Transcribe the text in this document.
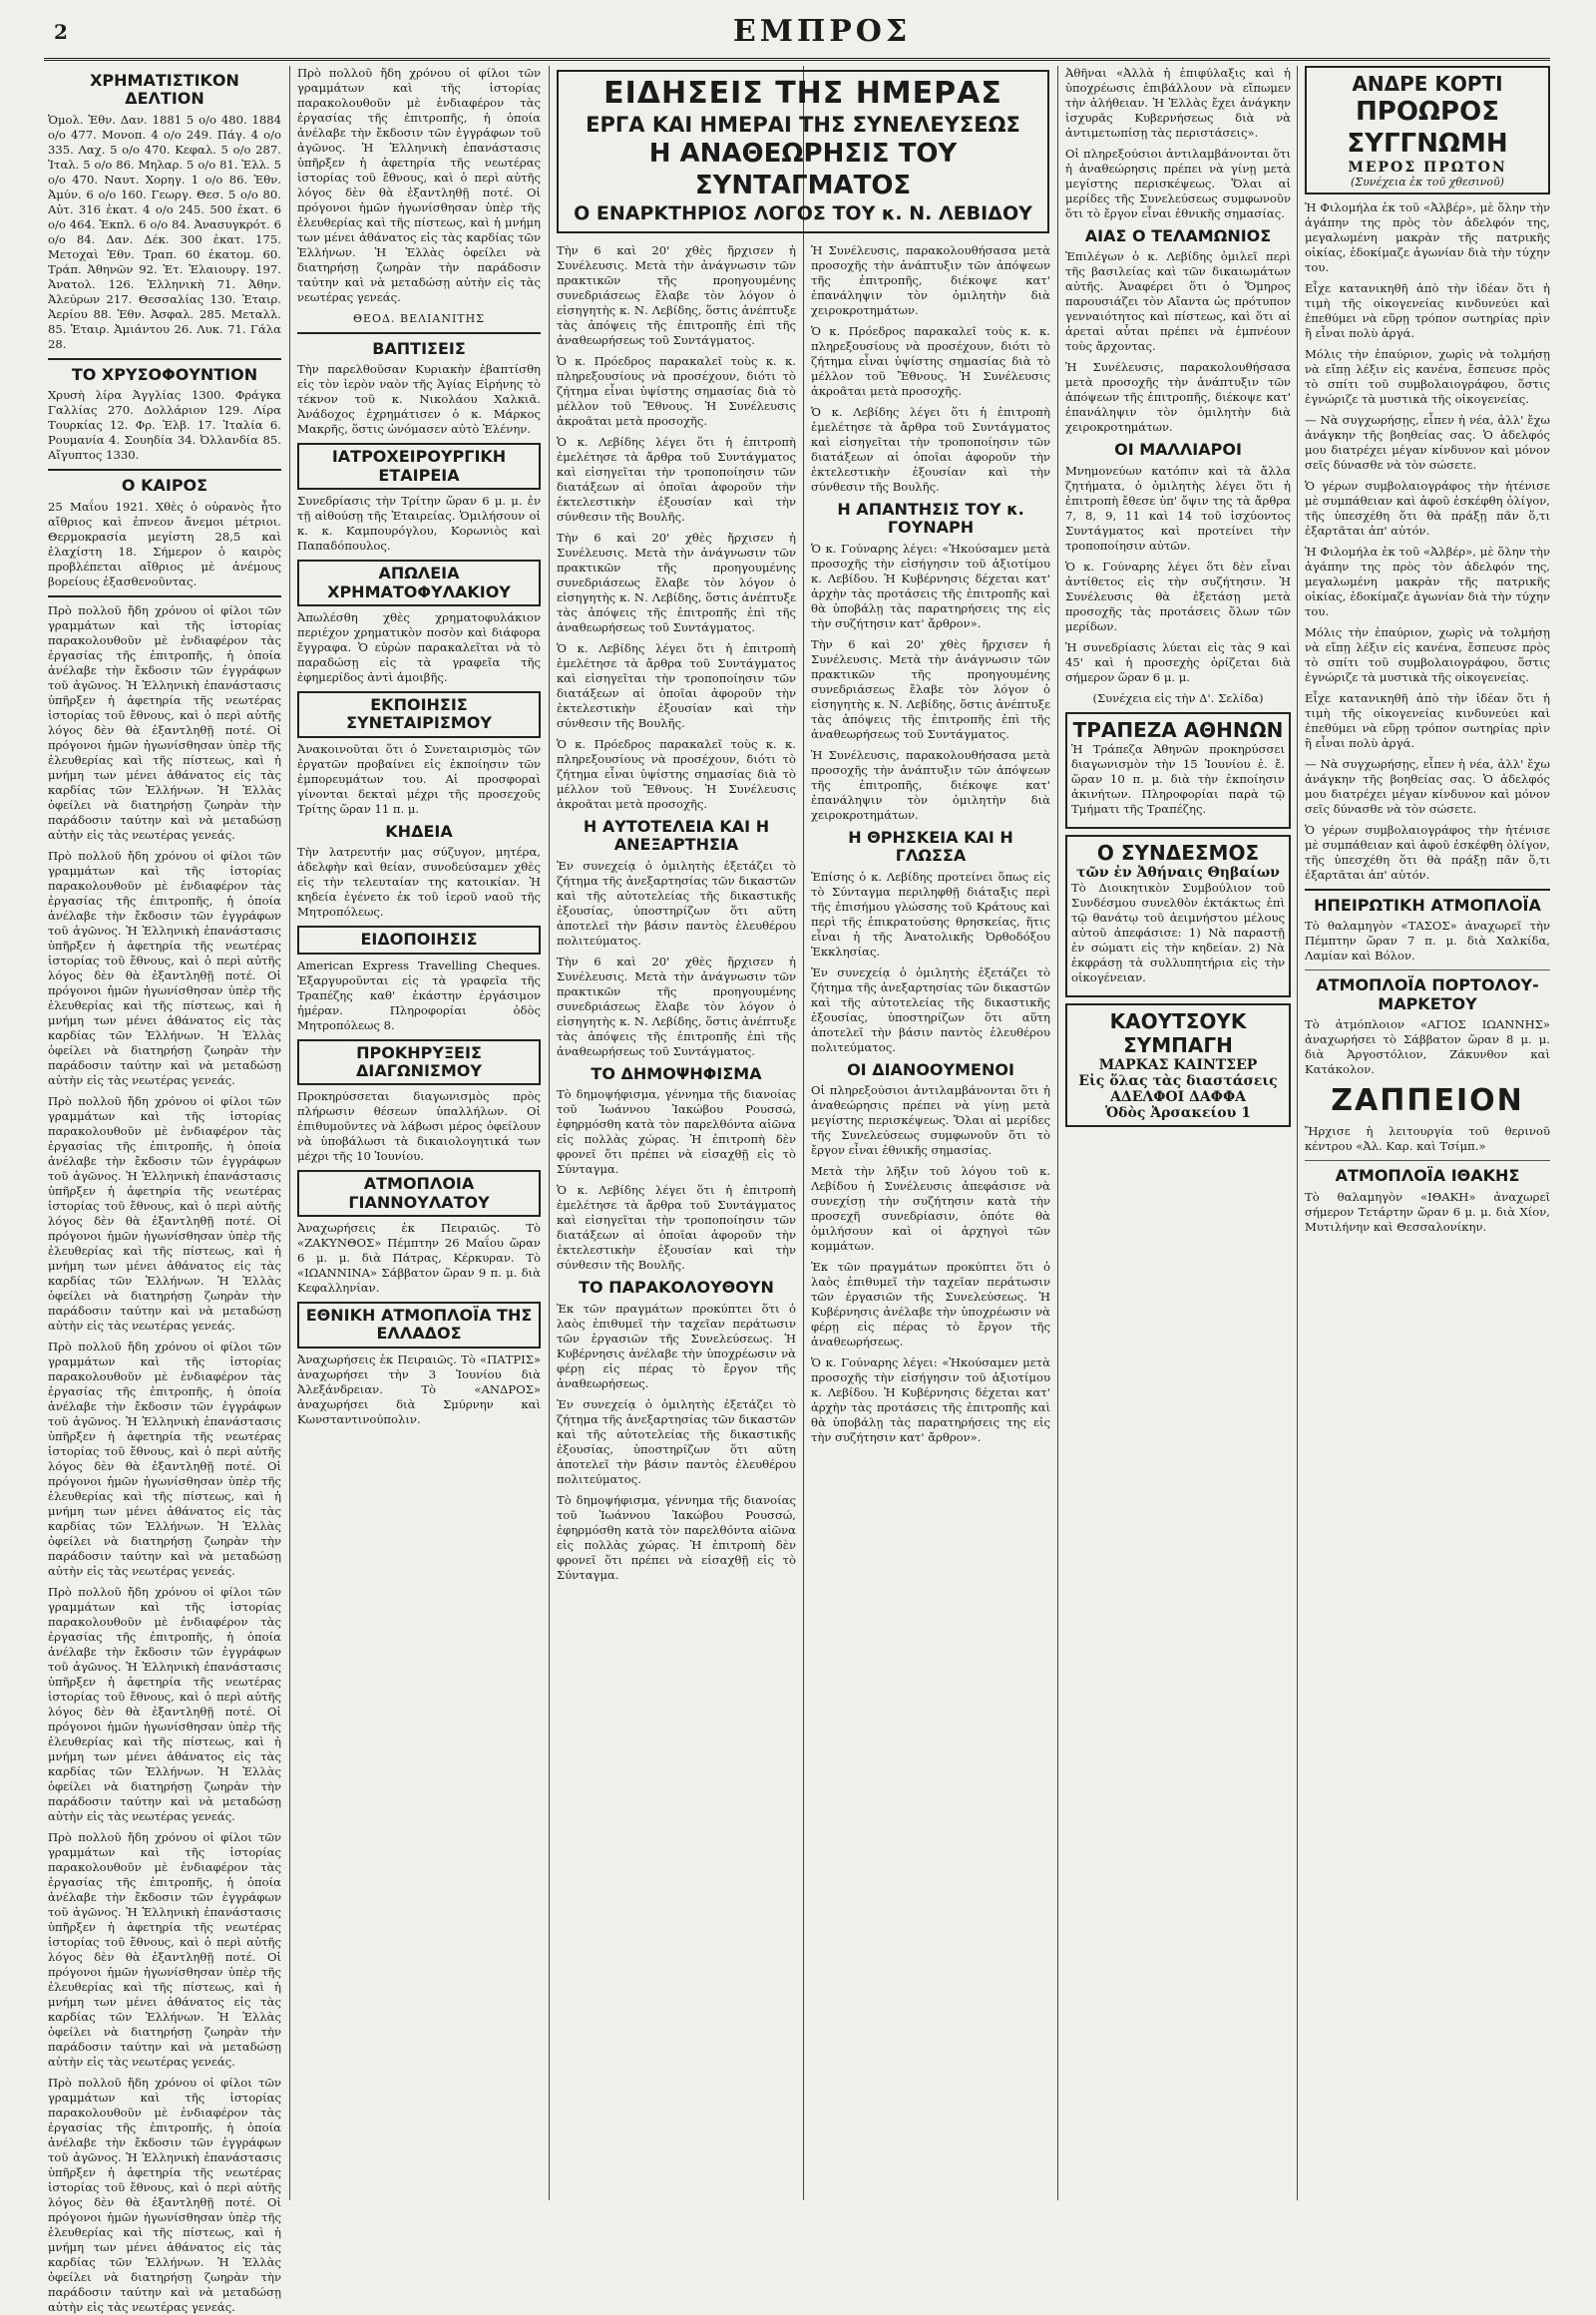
2	ΕΜΠΡΟΣ
ΧΡΗΜΑΤΙΣΤΙΚΟΝ ΔΕΛΤΙΟΝ

Ὁμολ. Ἐθν. Δαν. 1881 5 ο/ο 480. 1884 ο/ο 477. Μονοπ. 4 ο/ο 249. Πάγ. 4 ο/ο 335. Λαχ. 5 ο/ο 470. Κεφαλ. 5 ο/ο 287. Ἰταλ. 5 ο/ο 86. Μηλαρ. 5 ο/ο 81. Ἐλλ. 5 ο/ο 470. Ναυτ. Χορηγ. 1 ο/ο 86. Ἑθν. Ἀμύν. 6 ο/ο 160. Γεωργ. Θεσ. 5 ο/ο 80. Αὐτ. 316 ἐκατ. 4 ο/ο 245. 500 ἐκατ. 6 ο/ο 464. Ἐκπλ. 6 ο/ο 84. Ἀνασυγκρότ. 6 ο/ο 84. Δαν. Δέκ. 300 ἐκατ. 175. Μετοχαὶ Ἐθν. Τραπ. 60 ἐκατομ. 60. Τράπ. Ἀθηνῶν 92. Ἑτ. Ἐλαιουργ. 197. Ἀνατολ. 126. Ἐλληνικὴ 71. Ἀθην. Ἀλεύρων 217. Θεσσαλίας 130. Ἑταιρ. Ἀερίου 88. Ἐθν. Ἀσφαλ. 285. Μεταλλ. 85. Ἑταιρ. Ἀμιάντου 26. Λυκ. 71. Γάλα 28.

ΤΟ ΧΡΥΣΟΦΟΥΝΤΙΟΝ

Χρυσὴ λίρα Ἀγγλίας 1300. Φράγκα Γαλλίας 270. Δολλάριον 129. Λίρα Τουρκίας 12. Φρ. Ἐλβ. 17. Ἰταλία 6. Ρουμανία 4. Σουηδία 34. Ὀλλανδία 85. Αἴγυπτος 1330.

Ο ΚΑΙΡΟΣ

25 Μαΐου 1921. Χθὲς ὁ οὐρανὸς ἦτο αἴθριος καὶ ἐπνεον ἄνεμοι μέτριοι. Θερμοκρασία μεγίστη 28,5 καὶ ἐλαχίστη 18. Σήμερον ὁ καιρὸς προβλέπεται αἴθριος μὲ ἀνέμους βορείους ἐξασθενοῦντας.

Πρὸ πολλοῦ ἤδη χρόνου οἱ φίλοι τῶν γραμμάτων καὶ τῆς ἱστορίας παρακολουθοῦν μὲ ἐνδιαφέρον τὰς ἐργασίας τῆς ἐπιτροπῆς, ἡ ὁποία ἀνέλαβε τὴν ἔκδοσιν τῶν ἐγγράφων τοῦ ἀγῶνος. Ἡ Ἑλληνικὴ ἐπανάστασις ὑπῆρξεν ἡ ἀφετηρία τῆς νεωτέρας ἱστορίας τοῦ ἔθνους, καὶ ὁ περὶ αὐτῆς λόγος δὲν θὰ ἐξαντληθῇ ποτέ. Οἱ πρόγονοι ἡμῶν ἠγωνίσθησαν ὑπὲρ τῆς ἐλευθερίας καὶ τῆς πίστεως, καὶ ἡ μνήμη των μένει ἀθάνατος εἰς τὰς καρδίας τῶν Ἑλλήνων. Ἡ Ἑλλὰς ὀφείλει νὰ διατηρήσῃ ζωηρὰν τὴν παράδοσιν ταύτην καὶ νὰ μεταδώσῃ αὐτὴν εἰς τὰς νεωτέρας γενεάς.

Πρὸ πολλοῦ ἤδη χρόνου οἱ φίλοι τῶν γραμμάτων καὶ τῆς ἱστορίας παρακολουθοῦν μὲ ἐνδιαφέρον τὰς ἐργασίας τῆς ἐπιτροπῆς, ἡ ὁποία ἀνέλαβε τὴν ἔκδοσιν τῶν ἐγγράφων τοῦ ἀγῶνος. Ἡ Ἑλληνικὴ ἐπανάστασις ὑπῆρξεν ἡ ἀφετηρία τῆς νεωτέρας ἱστορίας τοῦ ἔθνους, καὶ ὁ περὶ αὐτῆς λόγος δὲν θὰ ἐξαντληθῇ ποτέ. Οἱ πρόγονοι ἡμῶν ἠγωνίσθησαν ὑπὲρ τῆς ἐλευθερίας καὶ τῆς πίστεως, καὶ ἡ μνήμη των μένει ἀθάνατος εἰς τὰς καρδίας τῶν Ἑλλήνων. Ἡ Ἑλλὰς ὀφείλει νὰ διατηρήσῃ ζωηρὰν τὴν παράδοσιν ταύτην καὶ νὰ μεταδώσῃ αὐτὴν εἰς τὰς νεωτέρας γενεάς.

Πρὸ πολλοῦ ἤδη χρόνου οἱ φίλοι τῶν γραμμάτων καὶ τῆς ἱστορίας παρακολουθοῦν μὲ ἐνδιαφέρον τὰς ἐργασίας τῆς ἐπιτροπῆς, ἡ ὁποία ἀνέλαβε τὴν ἔκδοσιν τῶν ἐγγράφων τοῦ ἀγῶνος. Ἡ Ἑλληνικὴ ἐπανάστασις ὑπῆρξεν ἡ ἀφετηρία τῆς νεωτέρας ἱστορίας τοῦ ἔθνους, καὶ ὁ περὶ αὐτῆς λόγος δὲν θὰ ἐξαντληθῇ ποτέ. Οἱ πρόγονοι ἡμῶν ἠγωνίσθησαν ὑπὲρ τῆς ἐλευθερίας καὶ τῆς πίστεως, καὶ ἡ μνήμη των μένει ἀθάνατος εἰς τὰς καρδίας τῶν Ἑλλήνων. Ἡ Ἑλλὰς ὀφείλει νὰ διατηρήσῃ ζωηρὰν τὴν παράδοσιν ταύτην καὶ νὰ μεταδώσῃ αὐτὴν εἰς τὰς νεωτέρας γενεάς.

Πρὸ πολλοῦ ἤδη χρόνου οἱ φίλοι τῶν γραμμάτων καὶ τῆς ἱστορίας παρακολουθοῦν μὲ ἐνδιαφέρον τὰς ἐργασίας τῆς ἐπιτροπῆς, ἡ ὁποία ἀνέλαβε τὴν ἔκδοσιν τῶν ἐγγράφων τοῦ ἀγῶνος. Ἡ Ἑλληνικὴ ἐπανάστασις ὑπῆρξεν ἡ ἀφετηρία τῆς νεωτέρας ἱστορίας τοῦ ἔθνους, καὶ ὁ περὶ αὐτῆς λόγος δὲν θὰ ἐξαντληθῇ ποτέ. Οἱ πρόγονοι ἡμῶν ἠγωνίσθησαν ὑπὲρ τῆς ἐλευθερίας καὶ τῆς πίστεως, καὶ ἡ μνήμη των μένει ἀθάνατος εἰς τὰς καρδίας τῶν Ἑλλήνων. Ἡ Ἑλλὰς ὀφείλει νὰ διατηρήσῃ ζωηρὰν τὴν παράδοσιν ταύτην καὶ νὰ μεταδώσῃ αὐτὴν εἰς τὰς νεωτέρας γενεάς.

Πρὸ πολλοῦ ἤδη χρόνου οἱ φίλοι τῶν γραμμάτων καὶ τῆς ἱστορίας παρακολουθοῦν μὲ ἐνδιαφέρον τὰς ἐργασίας τῆς ἐπιτροπῆς, ἡ ὁποία ἀνέλαβε τὴν ἔκδοσιν τῶν ἐγγράφων τοῦ ἀγῶνος. Ἡ Ἑλληνικὴ ἐπανάστασις ὑπῆρξεν ἡ ἀφετηρία τῆς νεωτέρας ἱστορίας τοῦ ἔθνους, καὶ ὁ περὶ αὐτῆς λόγος δὲν θὰ ἐξαντληθῇ ποτέ. Οἱ πρόγονοι ἡμῶν ἠγωνίσθησαν ὑπὲρ τῆς ἐλευθερίας καὶ τῆς πίστεως, καὶ ἡ μνήμη των μένει ἀθάνατος εἰς τὰς καρδίας τῶν Ἑλλήνων. Ἡ Ἑλλὰς ὀφείλει νὰ διατηρήσῃ ζωηρὰν τὴν παράδοσιν ταύτην καὶ νὰ μεταδώσῃ αὐτὴν εἰς τὰς νεωτέρας γενεάς.

Πρὸ πολλοῦ ἤδη χρόνου οἱ φίλοι τῶν γραμμάτων καὶ τῆς ἱστορίας παρακολουθοῦν μὲ ἐνδιαφέρον τὰς ἐργασίας τῆς ἐπιτροπῆς, ἡ ὁποία ἀνέλαβε τὴν ἔκδοσιν τῶν ἐγγράφων τοῦ ἀγῶνος. Ἡ Ἑλληνικὴ ἐπανάστασις ὑπῆρξεν ἡ ἀφετηρία τῆς νεωτέρας ἱστορίας τοῦ ἔθνους, καὶ ὁ περὶ αὐτῆς λόγος δὲν θὰ ἐξαντληθῇ ποτέ. Οἱ πρόγονοι ἡμῶν ἠγωνίσθησαν ὑπὲρ τῆς ἐλευθερίας καὶ τῆς πίστεως, καὶ ἡ μνήμη των μένει ἀθάνατος εἰς τὰς καρδίας τῶν Ἑλλήνων. Ἡ Ἑλλὰς ὀφείλει νὰ διατηρήσῃ ζωηρὰν τὴν παράδοσιν ταύτην καὶ νὰ μεταδώσῃ αὐτὴν εἰς τὰς νεωτέρας γενεάς.

Πρὸ πολλοῦ ἤδη χρόνου οἱ φίλοι τῶν γραμμάτων καὶ τῆς ἱστορίας παρακολουθοῦν μὲ ἐνδιαφέρον τὰς ἐργασίας τῆς ἐπιτροπῆς, ἡ ὁποία ἀνέλαβε τὴν ἔκδοσιν τῶν ἐγγράφων τοῦ ἀγῶνος. Ἡ Ἑλληνικὴ ἐπανάστασις ὑπῆρξεν ἡ ἀφετηρία τῆς νεωτέρας ἱστορίας τοῦ ἔθνους, καὶ ὁ περὶ αὐτῆς λόγος δὲν θὰ ἐξαντληθῇ ποτέ. Οἱ πρόγονοι ἡμῶν ἠγωνίσθησαν ὑπὲρ τῆς ἐλευθερίας καὶ τῆς πίστεως, καὶ ἡ μνήμη των μένει ἀθάνατος εἰς τὰς καρδίας τῶν Ἑλλήνων. Ἡ Ἑλλὰς ὀφείλει νὰ διατηρήσῃ ζωηρὰν τὴν παράδοσιν ταύτην καὶ νὰ μεταδώσῃ αὐτὴν εἰς τὰς νεωτέρας γενεάς.

Πρὸ πολλοῦ ἤδη χρόνου οἱ φίλοι τῶν γραμμάτων καὶ τῆς ἱστορίας παρακολουθοῦν μὲ ἐνδιαφέρον τὰς ἐργασίας τῆς ἐπιτροπῆς, ἡ ὁποία ἀνέλαβε τὴν ἔκδοσιν τῶν ἐγγράφων τοῦ ἀγῶνος. Ἡ Ἑλληνικὴ ἐπανάστασις ὑπῆρξεν ἡ ἀφετηρία τῆς νεωτέρας ἱστορίας τοῦ ἔθνους, καὶ ὁ περὶ αὐτῆς λόγος δὲν θὰ ἐξαντληθῇ ποτέ. Οἱ πρόγονοι ἡμῶν ἠγωνίσθησαν ὑπὲρ τῆς ἐλευθερίας καὶ τῆς πίστεως, καὶ ἡ μνήμη των μένει ἀθάνατος εἰς τὰς καρδίας τῶν Ἑλλήνων. Ἡ Ἑλλὰς ὀφείλει νὰ διατηρήσῃ ζωηρὰν τὴν παράδοσιν ταύτην καὶ νὰ μεταδώσῃ αὐτὴν εἰς τὰς νεωτέρας γενεάς.

ΘΕΟΔ. ΒΕΛΙΑΝΙΤΗΣ

ΒΑΠΤΙΣΕΙΣ

Τὴν παρελθοῦσαν Κυριακὴν ἐβαπτίσθη εἰς τὸν ἱερὸν ναὸν τῆς Ἁγίας Εἰρήνης τὸ τέκνον τοῦ κ. Νικολάου Χαλκιᾶ. Ἀνάδοχος ἐχρημάτισεν ὁ κ. Μάρκος Μακρῆς, ὅστις ὠνόμασεν αὐτὸ Ἐλένην.

ΙΑΤΡΟΧΕΙΡΟΥΡΓΙΚΗ ΕΤΑΙΡΕΙΑ

Συνεδρίασις τὴν Τρίτην ὥραν 6 μ. μ. ἐν τῇ αἰθούσῃ τῆς Ἑταιρείας. Ὁμιλήσουν οἱ κ. κ. Καμπουρόγλου, Κορωνιὸς καὶ Παπαδόπουλος.

ΑΠΩΛΕΙΑ ΧΡΗΜΑΤΟΦΥΛΑΚΙΟΥ

Ἀπωλέσθη χθὲς χρηματοφυλάκιον περιέχον χρηματικὸν ποσὸν καὶ διάφορα ἔγγραφα. Ὁ εὑρὼν παρακαλεῖται νὰ τὸ παραδώσῃ εἰς τὰ γραφεῖα τῆς ἐφημερίδος ἀντὶ ἀμοιβῆς.

ΕΚΠΟΙΗΣΙΣ ΣΥΝΕΤΑΙΡΙΣΜΟΥ

Ἀνακοινοῦται ὅτι ὁ Συνεταιρισμὸς τῶν ἐργατῶν προβαίνει εἰς ἐκποίησιν τῶν ἐμπορευμάτων του. Αἱ προσφοραὶ γίνονται δεκταὶ μέχρι τῆς προσεχοῦς Τρίτης ὥραν 11 π. μ.

ΚΗΔΕΙΑ

Τὴν λατρευτήν μας σύζυγον, μητέρα, ἀδελφὴν καὶ θείαν, συνοδεύσαμεν χθὲς εἰς τὴν τελευταίαν της κατοικίαν. Ἡ κηδεία ἐγένετο ἐκ τοῦ ἱεροῦ ναοῦ τῆς Μητροπόλεως.

ΕΙΔΟΠΟΙΗΣΙΣ

American Express Travelling Cheques. Ἐξαργυροῦνται εἰς τὰ γραφεῖα τῆς Τραπέζης καθ' ἑκάστην ἐργάσιμον ἡμέραν. Πληροφορίαι ὁδὸς Μητροπόλεως 8.

ΠΡΟΚΗΡΥΞΕΙΣ ΔΙΑΓΩΝΙΣΜΟΥ

Προκηρύσσεται διαγωνισμὸς πρὸς πλήρωσιν θέσεων ὑπαλλήλων. Οἱ ἐπιθυμοῦντες νὰ λάβωσι μέρος ὀφείλουν νὰ ὑποβάλωσι τὰ δικαιολογητικά των μέχρι τῆς 10 Ἰουνίου.

ΑΤΜΟΠΛΟΙΑ ΓΙΑΝΝΟΥΛΑΤΟΥ

Ἀναχωρήσεις ἐκ Πειραιῶς. Τὸ «ΖΑΚΥΝΘΟΣ» Πέμπτην 26 Μαΐου ὥραν 6 μ. μ. διὰ Πάτρας, Κέρκυραν. Τὸ «ΙΩΑΝΝΙΝΑ» Σάββατον ὥραν 9 π. μ. διὰ Κεφαλληνίαν.

ΕΘΝΙΚΗ ΑΤΜΟΠΛΟΪΑ ΤΗΣ ΕΛΛΑΔΟΣ

Ἀναχωρήσεις ἐκ Πειραιῶς. Τὸ «ΠΑΤΡΙΣ» ἀναχωρήσει τὴν 3 Ἰουνίου διὰ Ἀλεξάνδρειαν. Τὸ «ΑΝΔΡΟΣ» ἀναχωρήσει διὰ Σμύρνην καὶ Κωνσταντινούπολιν.

ΕΙΔΗΣΕΙΣ ΤΗΣ ΗΜΕΡΑΣ
ΕΡΓΑ ΚΑΙ ΗΜΕΡΑΙ ΤΗΣ ΣΥΝΕΛΕΥΣΕΩΣ
Η ΑΝΑΘΕΩΡΗΣΙΣ ΤΟΥ ΣΥΝΤΑΓΜΑΤΟΣ
Ο ΕΝΑΡΚΤΗΡΙΟΣ ΛΟΓΟΣ ΤΟΥ κ. Ν. ΛΕΒΙΔΟΥ

Τὴν 6 καὶ 20' χθὲς ἤρχισεν ἡ Συνέλευσις. Μετὰ τὴν ἀνάγνωσιν τῶν πρακτικῶν τῆς προηγουμένης συνεδριάσεως ἔλαβε τὸν λόγον ὁ εἰσηγητὴς κ. Ν. Λεβίδης, ὅστις ἀνέπτυξε τὰς ἀπόψεις τῆς ἐπιτροπῆς ἐπὶ τῆς ἀναθεωρήσεως τοῦ Συντάγματος.

Ὁ κ. Πρόεδρος παρακαλεῖ τοὺς κ. κ. πληρεξουσίους νὰ προσέχουν, διότι τὸ ζήτημα εἶναι ὑψίστης σημασίας διὰ τὸ μέλλον τοῦ Ἔθνους. Ἡ Συνέλευσις ἀκροᾶται μετὰ προσοχῆς.

Ὁ κ. Λεβίδης λέγει ὅτι ἡ ἐπιτροπὴ ἐμελέτησε τὰ ἄρθρα τοῦ Συντάγματος καὶ εἰσηγεῖται τὴν τροποποίησιν τῶν διατάξεων αἱ ὁποῖαι ἀφοροῦν τὴν ἐκτελεστικὴν ἐξουσίαν καὶ τὴν σύνθεσιν τῆς Βουλῆς.

Τὴν 6 καὶ 20' χθὲς ἤρχισεν ἡ Συνέλευσις. Μετὰ τὴν ἀνάγνωσιν τῶν πρακτικῶν τῆς προηγουμένης συνεδριάσεως ἔλαβε τὸν λόγον ὁ εἰσηγητὴς κ. Ν. Λεβίδης, ὅστις ἀνέπτυξε τὰς ἀπόψεις τῆς ἐπιτροπῆς ἐπὶ τῆς ἀναθεωρήσεως τοῦ Συντάγματος.

Ὁ κ. Λεβίδης λέγει ὅτι ἡ ἐπιτροπὴ ἐμελέτησε τὰ ἄρθρα τοῦ Συντάγματος καὶ εἰσηγεῖται τὴν τροποποίησιν τῶν διατάξεων αἱ ὁποῖαι ἀφοροῦν τὴν ἐκτελεστικὴν ἐξουσίαν καὶ τὴν σύνθεσιν τῆς Βουλῆς.

Ὁ κ. Πρόεδρος παρακαλεῖ τοὺς κ. κ. πληρεξουσίους νὰ προσέχουν, διότι τὸ ζήτημα εἶναι ὑψίστης σημασίας διὰ τὸ μέλλον τοῦ Ἔθνους. Ἡ Συνέλευσις ἀκροᾶται μετὰ προσοχῆς.

Η ΑΥΤΟΤΕΛΕΙΑ ΚΑΙ Η ΑΝΕΞΑΡΤΗΣΙΑ

Ἐν συνεχείᾳ ὁ ὁμιλητὴς ἐξετάζει τὸ ζήτημα τῆς ἀνεξαρτησίας τῶν δικαστῶν καὶ τῆς αὐτοτελείας τῆς δικαστικῆς ἐξουσίας, ὑποστηρίζων ὅτι αὕτη ἀποτελεῖ τὴν βάσιν παντὸς ἐλευθέρου πολιτεύματος.

Τὴν 6 καὶ 20' χθὲς ἤρχισεν ἡ Συνέλευσις. Μετὰ τὴν ἀνάγνωσιν τῶν πρακτικῶν τῆς προηγουμένης συνεδριάσεως ἔλαβε τὸν λόγον ὁ εἰσηγητὴς κ. Ν. Λεβίδης, ὅστις ἀνέπτυξε τὰς ἀπόψεις τῆς ἐπιτροπῆς ἐπὶ τῆς ἀναθεωρήσεως τοῦ Συντάγματος.

ΤΟ ΔΗΜΟΨΗΦΙΣΜΑ

Τὸ δημοψήφισμα, γέννημα τῆς διανοίας τοῦ Ἰωάννου Ἰακώβου Ρουσσώ, ἐφηρμόσθη κατὰ τὸν παρελθόντα αἰῶνα εἰς πολλὰς χώρας. Ἡ ἐπιτροπὴ δὲν φρονεῖ ὅτι πρέπει νὰ εἰσαχθῇ εἰς τὸ Σύνταγμα.

Ὁ κ. Λεβίδης λέγει ὅτι ἡ ἐπιτροπὴ ἐμελέτησε τὰ ἄρθρα τοῦ Συντάγματος καὶ εἰσηγεῖται τὴν τροποποίησιν τῶν διατάξεων αἱ ὁποῖαι ἀφοροῦν τὴν ἐκτελεστικὴν ἐξουσίαν καὶ τὴν σύνθεσιν τῆς Βουλῆς.

ΤΟ ΠΑΡΑΚΟΛΟΥΘΟΥΝ

Ἐκ τῶν πραγμάτων προκύπτει ὅτι ὁ λαὸς ἐπιθυμεῖ τὴν ταχεῖαν περάτωσιν τῶν ἐργασιῶν τῆς Συνελεύσεως. Ἡ Κυβέρνησις ἀνέλαβε τὴν ὑποχρέωσιν νὰ φέρῃ εἰς πέρας τὸ ἔργον τῆς ἀναθεωρήσεως.

Ἐν συνεχείᾳ ὁ ὁμιλητὴς ἐξετάζει τὸ ζήτημα τῆς ἀνεξαρτησίας τῶν δικαστῶν καὶ τῆς αὐτοτελείας τῆς δικαστικῆς ἐξουσίας, ὑποστηρίζων ὅτι αὕτη ἀποτελεῖ τὴν βάσιν παντὸς ἐλευθέρου πολιτεύματος.

Τὸ δημοψήφισμα, γέννημα τῆς διανοίας τοῦ Ἰωάννου Ἰακώβου Ρουσσώ, ἐφηρμόσθη κατὰ τὸν παρελθόντα αἰῶνα εἰς πολλὰς χώρας. Ἡ ἐπιτροπὴ δὲν φρονεῖ ὅτι πρέπει νὰ εἰσαχθῇ εἰς τὸ Σύνταγμα.

Ἡ Συνέλευσις, παρακολουθήσασα μετὰ προσοχῆς τὴν ἀνάπτυξιν τῶν ἀπόψεων τῆς ἐπιτροπῆς, διέκοψε κατ' ἐπανάληψιν τὸν ὁμιλητὴν διὰ χειροκροτημάτων.

Ὁ κ. Πρόεδρος παρακαλεῖ τοὺς κ. κ. πληρεξουσίους νὰ προσέχουν, διότι τὸ ζήτημα εἶναι ὑψίστης σημασίας διὰ τὸ μέλλον τοῦ Ἔθνους. Ἡ Συνέλευσις ἀκροᾶται μετὰ προσοχῆς.

Ὁ κ. Λεβίδης λέγει ὅτι ἡ ἐπιτροπὴ ἐμελέτησε τὰ ἄρθρα τοῦ Συντάγματος καὶ εἰσηγεῖται τὴν τροποποίησιν τῶν διατάξεων αἱ ὁποῖαι ἀφοροῦν τὴν ἐκτελεστικὴν ἐξουσίαν καὶ τὴν σύνθεσιν τῆς Βουλῆς.

Η ΑΠΑΝΤΗΣΙΣ ΤΟΥ κ. ΓΟΥΝΑΡΗ

Ὁ κ. Γούναρης λέγει: «Ἠκούσαμεν μετὰ προσοχῆς τὴν εἰσήγησιν τοῦ ἀξιοτίμου κ. Λεβίδου. Ἡ Κυβέρνησις δέχεται κατ' ἀρχὴν τὰς προτάσεις τῆς ἐπιτροπῆς καὶ θὰ ὑποβάλῃ τὰς παρατηρήσεις της εἰς τὴν συζήτησιν κατ' ἄρθρον».

Τὴν 6 καὶ 20' χθὲς ἤρχισεν ἡ Συνέλευσις. Μετὰ τὴν ἀνάγνωσιν τῶν πρακτικῶν τῆς προηγουμένης συνεδριάσεως ἔλαβε τὸν λόγον ὁ εἰσηγητὴς κ. Ν. Λεβίδης, ὅστις ἀνέπτυξε τὰς ἀπόψεις τῆς ἐπιτροπῆς ἐπὶ τῆς ἀναθεωρήσεως τοῦ Συντάγματος.

Ἡ Συνέλευσις, παρακολουθήσασα μετὰ προσοχῆς τὴν ἀνάπτυξιν τῶν ἀπόψεων τῆς ἐπιτροπῆς, διέκοψε κατ' ἐπανάληψιν τὸν ὁμιλητὴν διὰ χειροκροτημάτων.

Η ΘΡΗΣΚΕΙΑ ΚΑΙ Η ΓΛΩΣΣΑ

Ἐπίσης ὁ κ. Λεβίδης προτείνει ὅπως εἰς τὸ Σύνταγμα περιληφθῇ διάταξις περὶ τῆς ἐπισήμου γλώσσης τοῦ Κράτους καὶ περὶ τῆς ἐπικρατούσης θρησκείας, ἥτις εἶναι ἡ τῆς Ἀνατολικῆς Ὀρθοδόξου Ἐκκλησίας.

Ἐν συνεχείᾳ ὁ ὁμιλητὴς ἐξετάζει τὸ ζήτημα τῆς ἀνεξαρτησίας τῶν δικαστῶν καὶ τῆς αὐτοτελείας τῆς δικαστικῆς ἐξουσίας, ὑποστηρίζων ὅτι αὕτη ἀποτελεῖ τὴν βάσιν παντὸς ἐλευθέρου πολιτεύματος.

ΟΙ ΔΙΑΝΟΟΥΜΕΝΟΙ

Οἱ πληρεξούσιοι ἀντιλαμβάνονται ὅτι ἡ ἀναθεώρησις πρέπει νὰ γίνῃ μετὰ μεγίστης περισκέψεως. Ὅλαι αἱ μερίδες τῆς Συνελεύσεως συμφωνοῦν ὅτι τὸ ἔργον εἶναι ἐθνικῆς σημασίας.

Μετὰ τὴν λῆξιν τοῦ λόγου τοῦ κ. Λεβίδου ἡ Συνέλευσις ἀπεφάσισε νὰ συνεχίσῃ τὴν συζήτησιν κατὰ τὴν προσεχῆ συνεδρίασιν, ὁπότε θὰ ὁμιλήσουν καὶ οἱ ἀρχηγοὶ τῶν κομμάτων.

Ἐκ τῶν πραγμάτων προκύπτει ὅτι ὁ λαὸς ἐπιθυμεῖ τὴν ταχεῖαν περάτωσιν τῶν ἐργασιῶν τῆς Συνελεύσεως. Ἡ Κυβέρνησις ἀνέλαβε τὴν ὑποχρέωσιν νὰ φέρῃ εἰς πέρας τὸ ἔργον τῆς ἀναθεωρήσεως.

Ὁ κ. Γούναρης λέγει: «Ἠκούσαμεν μετὰ προσοχῆς τὴν εἰσήγησιν τοῦ ἀξιοτίμου κ. Λεβίδου. Ἡ Κυβέρνησις δέχεται κατ' ἀρχὴν τὰς προτάσεις τῆς ἐπιτροπῆς καὶ θὰ ὑποβάλῃ τὰς παρατηρήσεις της εἰς τὴν συζήτησιν κατ' ἄρθρον».

Ἀθῆναι «Ἀλλὰ ἡ ἐπιφύλαξις καὶ ἡ ὑποχρέωσις ἐπιβάλλουν νὰ εἴπωμεν τὴν ἀλήθειαν. Ἡ Ἑλλὰς ἔχει ἀνάγκην ἰσχυρᾶς Κυβερνήσεως διὰ νὰ ἀντιμετωπίσῃ τὰς περιστάσεις».

Οἱ πληρεξούσιοι ἀντιλαμβάνονται ὅτι ἡ ἀναθεώρησις πρέπει νὰ γίνῃ μετὰ μεγίστης περισκέψεως. Ὅλαι αἱ μερίδες τῆς Συνελεύσεως συμφωνοῦν ὅτι τὸ ἔργον εἶναι ἐθνικῆς σημασίας.

ΑΙΑΣ Ο ΤΕΛΑΜΩΝΙΟΣ

Ἐπιλέγων ὁ κ. Λεβίδης ὁμιλεῖ περὶ τῆς βασιλείας καὶ τῶν δικαιωμάτων αὐτῆς. Ἀναφέρει ὅτι ὁ Ὅμηρος παρουσιάζει τὸν Αἴαντα ὡς πρότυπον γενναιότητος καὶ πίστεως, καὶ ὅτι αἱ ἀρεταὶ αὗται πρέπει νὰ ἐμπνέουν τοὺς ἄρχοντας.

Ἡ Συνέλευσις, παρακολουθήσασα μετὰ προσοχῆς τὴν ἀνάπτυξιν τῶν ἀπόψεων τῆς ἐπιτροπῆς, διέκοψε κατ' ἐπανάληψιν τὸν ὁμιλητὴν διὰ χειροκροτημάτων.

ΟΙ ΜΑΛΛΙΑΡΟΙ

Μνημονεύων κατόπιν καὶ τὰ ἄλλα ζητήματα, ὁ ὁμιλητὴς λέγει ὅτι ἡ ἐπιτροπὴ ἔθεσε ὑπ' ὄψιν της τὰ ἄρθρα 7, 8, 9, 11 καὶ 14 τοῦ ἰσχύοντος Συντάγματος καὶ προτείνει τὴν τροποποίησιν αὐτῶν.

Ὁ κ. Γούναρης λέγει ὅτι δὲν εἶναι ἀντίθετος εἰς τὴν συζήτησιν. Ἡ Συνέλευσις θὰ ἐξετάσῃ μετὰ προσοχῆς τὰς προτάσεις ὅλων τῶν μερίδων.

Ἡ συνεδρίασις λύεται εἰς τὰς 9 καὶ 45' καὶ ἡ προσεχὴς ὁρίζεται διὰ σήμερον ὥραν 6 μ. μ.

(Συνέχεια εἰς τὴν Δ'. Σελίδα)

ΤΡΑΠΕΖΑ ΑΘΗΝΩΝ

Ἡ Τράπεζα Ἀθηνῶν προκηρύσσει διαγωνισμὸν τὴν 15 Ἰουνίου ἐ. ἔ. ὥραν 10 π. μ. διὰ τὴν ἐκποίησιν ἀκινήτων. Πληροφορίαι παρὰ τῷ Τμήματι τῆς Τραπέζης.

Ο ΣΥΝΔΕΣΜΟΣ
τῶν ἐν Ἀθήναις Θηβαίων

Τὸ Διοικητικὸν Συμβούλιον τοῦ Συνδέσμου συνελθὸν ἐκτάκτως ἐπὶ τῷ θανάτῳ τοῦ ἀειμνήστου μέλους αὐτοῦ ἀπεφάσισε: 1) Νὰ παραστῇ ἐν σώματι εἰς τὴν κηδείαν. 2) Νὰ ἐκφράσῃ τὰ συλλυπητήρια εἰς τὴν οἰκογένειαν.

ΚΑΟΥΤΣΟΥΚ ΣΥΜΠΑΓΗ
ΜΑΡΚΑΣ ΚΑΙΝΤΣΕΡ
Εἰς ὅλας τὰς διαστάσεις
ΑΔΕΛΦΟΙ ΔΑΦΦΑ
Ὁδὸς Ἀρσακείου 1
ΑΝΔΡΕ ΚΟΡΤΙ
ΠΡΟΩΡΟΣ ΣΥΓΓΝΩΜΗ
ΜΕΡΟΣ ΠΡΩΤΟΝ
(Συνέχεια ἐκ τοῦ χθεσινοῦ)

Ἡ Φιλομήλα ἐκ τοῦ «Ἀλβέρ», μὲ ὅλην τὴν ἀγάπην της πρὸς τὸν ἀδελφόν της, μεγαλωμένη μακρὰν τῆς πατρικῆς οἰκίας, ἐδοκίμαζε ἀγωνίαν διὰ τὴν τύχην του.

Εἶχε κατανικηθῆ ἀπὸ τὴν ἰδέαν ὅτι ἡ τιμὴ τῆς οἰκογενείας κινδυνεύει καὶ ἐπεθύμει νὰ εὕρῃ τρόπον σωτηρίας πρὶν ἢ εἶναι πολὺ ἀργά.

Μόλις τὴν ἐπαύριον, χωρὶς νὰ τολμήσῃ νὰ εἴπῃ λέξιν εἰς κανένα, ἔσπευσε πρὸς τὸ σπίτι τοῦ συμβολαιογράφου, ὅστις ἐγνώριζε τὰ μυστικὰ τῆς οἰκογενείας.

— Νὰ συγχωρήσῃς, εἶπεν ἡ νέα, ἀλλ' ἔχω ἀνάγκην τῆς βοηθείας σας. Ὁ ἀδελφός μου διατρέχει μέγαν κίνδυνον καὶ μόνον σεῖς δύνασθε νὰ τὸν σώσετε.

Ὁ γέρων συμβολαιογράφος τὴν ἠτένισε μὲ συμπάθειαν καὶ ἀφοῦ ἐσκέφθη ὀλίγον, τῆς ὑπεσχέθη ὅτι θὰ πράξῃ πᾶν ὅ,τι ἐξαρτᾶται ἀπ' αὐτόν.

Ἡ Φιλομήλα ἐκ τοῦ «Ἀλβέρ», μὲ ὅλην τὴν ἀγάπην της πρὸς τὸν ἀδελφόν της, μεγαλωμένη μακρὰν τῆς πατρικῆς οἰκίας, ἐδοκίμαζε ἀγωνίαν διὰ τὴν τύχην του.

Μόλις τὴν ἐπαύριον, χωρὶς νὰ τολμήσῃ νὰ εἴπῃ λέξιν εἰς κανένα, ἔσπευσε πρὸς τὸ σπίτι τοῦ συμβολαιογράφου, ὅστις ἐγνώριζε τὰ μυστικὰ τῆς οἰκογενείας.

Εἶχε κατανικηθῆ ἀπὸ τὴν ἰδέαν ὅτι ἡ τιμὴ τῆς οἰκογενείας κινδυνεύει καὶ ἐπεθύμει νὰ εὕρῃ τρόπον σωτηρίας πρὶν ἢ εἶναι πολὺ ἀργά.

— Νὰ συγχωρήσῃς, εἶπεν ἡ νέα, ἀλλ' ἔχω ἀνάγκην τῆς βοηθείας σας. Ὁ ἀδελφός μου διατρέχει μέγαν κίνδυνον καὶ μόνον σεῖς δύνασθε νὰ τὸν σώσετε.

Ὁ γέρων συμβολαιογράφος τὴν ἠτένισε μὲ συμπάθειαν καὶ ἀφοῦ ἐσκέφθη ὀλίγον, τῆς ὑπεσχέθη ὅτι θὰ πράξῃ πᾶν ὅ,τι ἐξαρτᾶται ἀπ' αὐτόν.

ΗΠΕΙΡΩΤΙΚΗ ΑΤΜΟΠΛΟΪΑ

Τὸ θαλαμηγὸν «ΤΑΣΟΣ» ἀναχωρεῖ τὴν Πέμπτην ὥραν 7 π. μ. διὰ Χαλκίδα, Λαμίαν καὶ Βόλον.

ΑΤΜΟΠΛΟΪΑ ΠΟΡΤΟΛΟΥ-ΜΑΡΚΕΤΟΥ

Τὸ ἀτμόπλοιον «ΑΓΙΟΣ ΙΩΑΝΝΗΣ» ἀναχωρήσει τὸ Σάββατον ὥραν 8 μ. μ. διὰ Ἀργοστόλιον, Ζάκυνθον καὶ Κατάκολον.

ΖΑΠΠΕΙΟΝ

Ἤρχισε ἡ λειτουργία τοῦ θερινοῦ κέντρου «Ἀλ. Καρ. καὶ Τσίμπ.»

ΑΤΜΟΠΛΟΪΑ ΙΘΑΚΗΣ

Τὸ θαλαμηγὸν «ΙΘΑΚΗ» ἀναχωρεῖ σήμερον Τετάρτην ὥραν 6 μ. μ. διὰ Χίον, Μυτιλήνην καὶ Θεσσαλονίκην.
